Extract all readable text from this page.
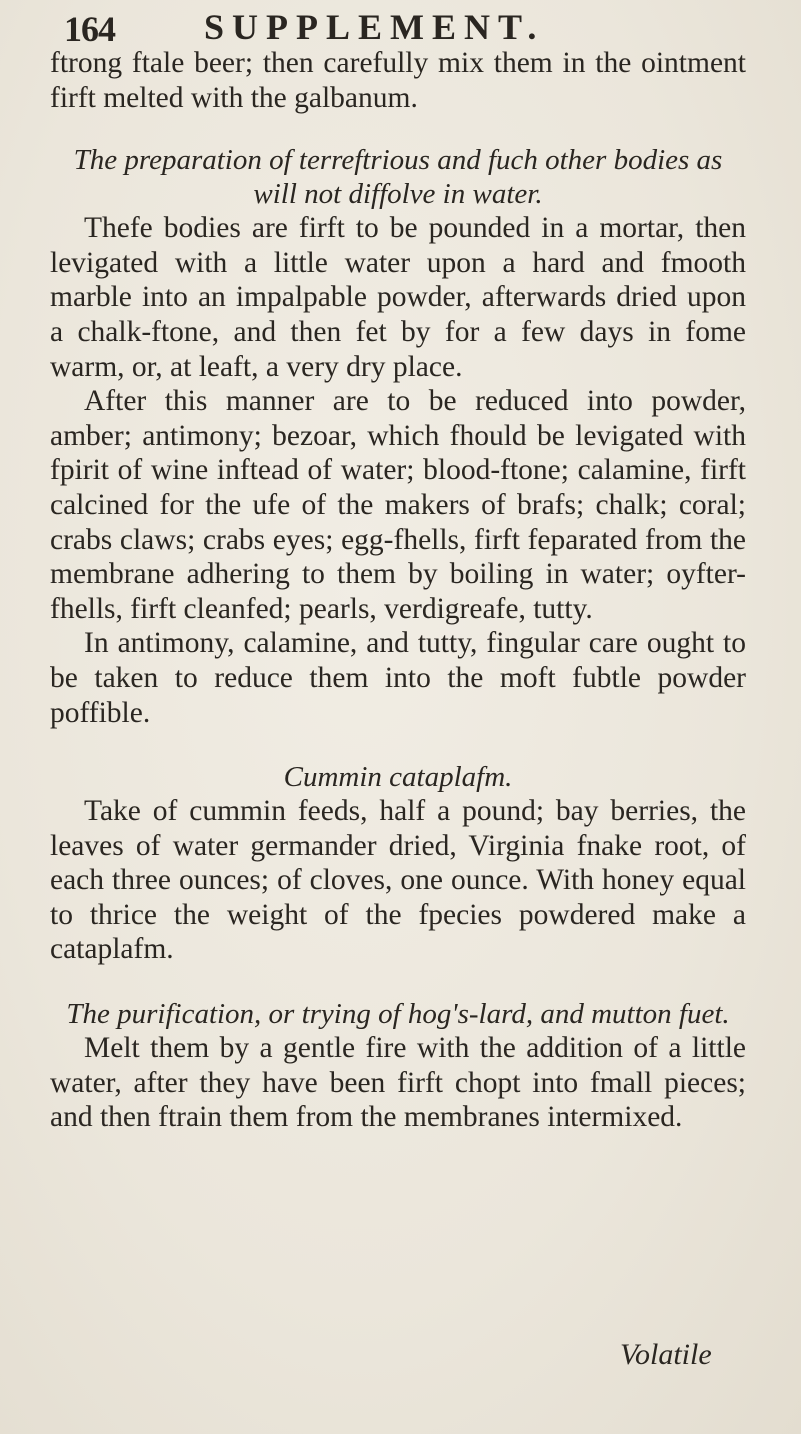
164 SUPPLEMENT.

ftrong ftale beer; then carefully mix them in the ointment firft melted with the galbanum.

The preparation of terreftrious and fuch other bodies as will not diffolve in water.

Thefe bodies are firft to be pounded in a mortar, then levigated with a little water upon a hard and fmooth marble into an impalpable powder, afterwards dried upon a chalk-ftone, and then fet by for a few days in fome warm, or, at leaft, a very dry place.

After this manner are to be reduced into powder, amber; antimony; bezoar, which fhould be levigated with fpirit of wine inftead of water; blood-ftone; calamine, firft calcined for the ufe of the makers of brafs; chalk; coral; crabs claws; crabs eyes; egg-fhells, firft feparated from the membrane adhering to them by boiling in water; oyfter-fhells, firft cleanfed; pearls, verdigreafe, tutty.

In antimony, calamine, and tutty, fingular care ought to be taken to reduce them into the moft fubtle powder poffible.

Cummin cataplafm.

Take of cummin feeds, half a pound; bay berries, the leaves of water germander dried, Virginia fnake root, of each three ounces; of cloves, one ounce. With honey equal to thrice the weight of the fpecies powdered make a cataplafm.

The purification, or trying of hog's-lard, and mutton fuet.

Melt them by a gentle fire with the addition of a little water, after they have been firft chopt into fmall pieces; and then ftrain them from the membranes intermixed.

Volatile
